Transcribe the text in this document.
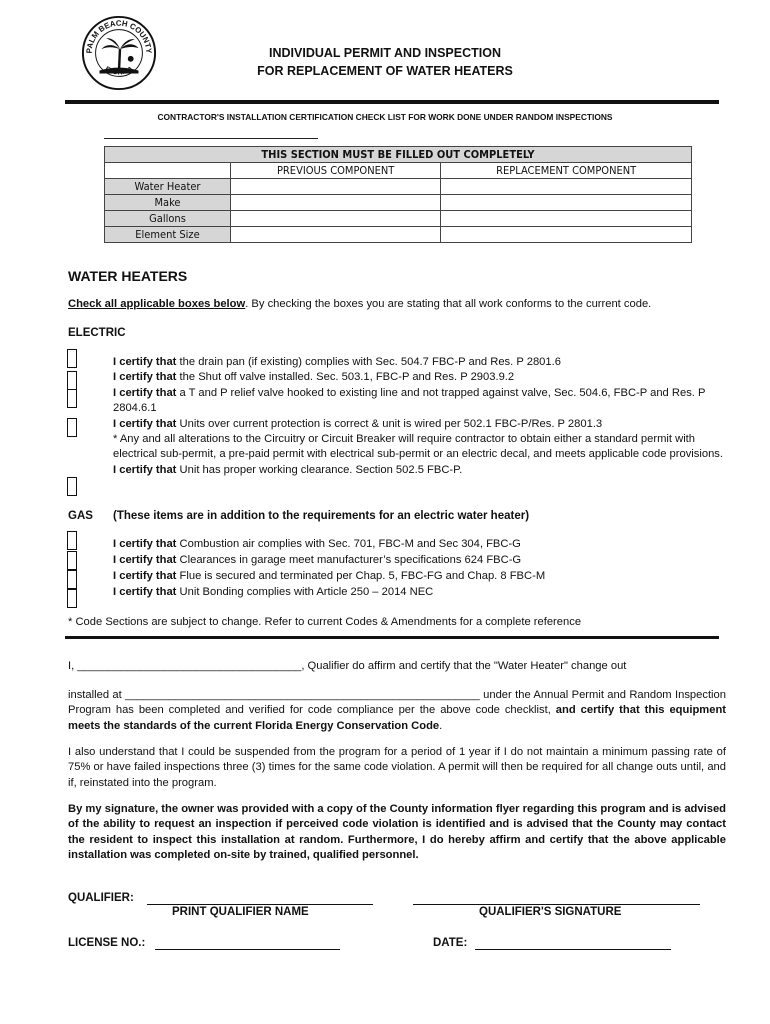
PALM BEACH COUNTY	INDIVIDUAL PERMIT AND INSPECTION
FOR REPLACEMENT OF WATER HEATERS
CONTRACTOR'S INSTALLATION CERTIFICATION CHECK LIST FOR WORK DONE UNDER RANDOM INSPECTIONS
THIS SECTION MUST BE FILLED OUT COMPLETELY		
	PREVIOUS COMPONENT	REPLACEMENT COMPONENT
Water Heater		
Make		
Gallons		
Element Size		
WATER HEATERS
Check all applicable boxes below. By checking the boxes you are stating that all work conforms to the current code.
ELECTRIC
I certify that the drain pan (if existing) complies with Sec. 504.7 FBC-P and Res. P 2801.6
I certify that the Shut off valve installed. Sec. 503.1, FBC-P and Res. P 2903.9.2
I certify that a T and P relief valve hooked to existing line and not trapped against valve, Sec. 504.6, FBC-P and Res. P 2804.6.1
I certify that Units over current protection is correct & unit is wired per 502.1 FBC-P/Res. P 2801.3
* Any and all alterations to the Circuitry or Circuit Breaker will require contractor to obtain either a standard permit with electrical sub-permit, a pre-paid permit with electrical sub-permit or an electric decal, and meets applicable code provisions.
I certify that Unit has proper working clearance. Section 502.5 FBC-P.
GAS (These items are in addition to the requirements for an electric water heater)
I certify that Combustion air complies with Sec. 701, FBC-M and Sec 304, FBC-G
I certify that Clearances in garage meet manufacturer’s specifications 624 FBC-G
I certify that Flue is secured and terminated per Chap. 5, FBC-FG and Chap. 8 FBC-M
I certify that Unit Bonding complies with Article 250 – 2014 NEC
* Code Sections are subject to change. Refer to current Codes & Amendments for a complete reference
I, ____________________________________, Qualifier do affirm and certify that the "Water Heater" change out
installed at _________________________________________________________ under the Annual Permit and Random Inspection Program has been completed and verified for code compliance per the above code checklist, and certify that this equipment meets the standards of the current Florida Energy Conservation Code.
I also understand that I could be suspended from the program for a period of 1 year if I do not maintain a minimum passing rate of 75% or have failed inspections three (3) times for the same code violation. A permit will then be required for all change outs until, and if, reinstated into the program.
By my signature, the owner was provided with a copy of the County information flyer regarding this program and is advised of the ability to request an inspection if perceived code violation is identified and is advised that the County may contact the resident to inspect this installation at random. Furthermore, I do hereby affirm and certify that the above applicable installation was completed on-site by trained, qualified personnel.
QUALIFIER:
PRINT QUALIFIER NAME	QUALIFIER'S SIGNATURE
LICENSE NO.:	DATE:
